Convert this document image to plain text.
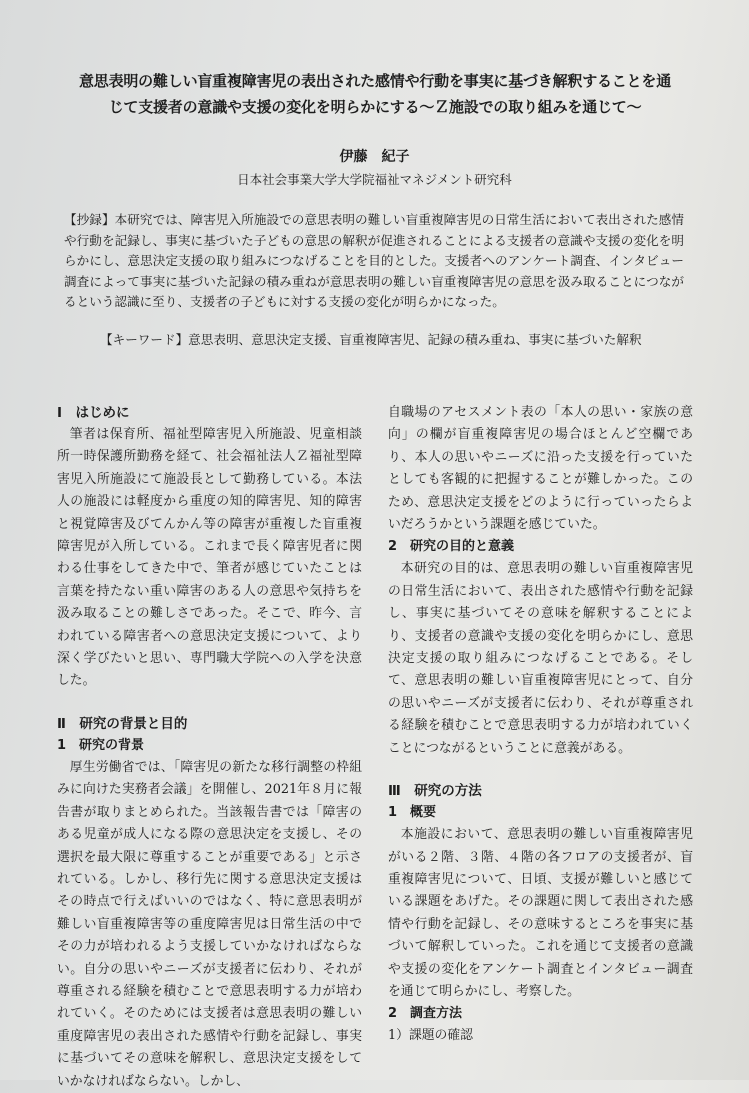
意思表明の難しい盲重複障害児の表出された感情や行動を事実に基づき解釈することを通
じて支援者の意識や支援の変化を明らかにする～Ｚ施設での取り組みを通じて～
伊藤　紀子
日本社会事業大学大学院福祉マネジメント研究科
【抄録】本研究では、障害児入所施設での意思表明の難しい盲重複障害児の日常生活において表出された感情や行動を記録し、事実に基づいた子どもの意思の解釈が促進されることによる支援者の意識や支援の変化を明らかにし、意思決定支援の取り組みにつなげることを目的とした。支援者へのアンケート調査、インタビュー調査によって事実に基づいた記録の積み重ねが意思表明の難しい盲重複障害児の意思を汲み取ることにつながるという認識に至り、支援者の子どもに対する支援の変化が明らかになった。
【キーワード】意思表明、意思決定支援、盲重複障害児、記録の積み重ね、事実に基づいた解釈
Ⅰ　はじめに

筆者は保育所、福祉型障害児入所施設、児童相談所一時保護所勤務を経て、社会福祉法人Ｚ福祉型障害児入所施設にて施設長として勤務している。本法人の施設には軽度から重度の知的障害児、知的障害と視覚障害及びてんかん等の障害が重複した盲重複障害児が入所している。これまで長く障害児者に関わる仕事をしてきた中で、筆者が感じていたことは言葉を持たない重い障害のある人の意思や気持ちを汲み取ることの難しさであった。そこで、昨今、言われている障害者への意思決定支援について、より深く学びたいと思い、専門職大学院への入学を決意した。

Ⅱ　研究の背景と目的
1　研究の背景

厚生労働省では、「障害児の新たな移行調整の枠組みに向けた実務者会議」を開催し、2021年８月に報告書が取りまとめられた。当該報告書では「障害のある児童が成人になる際の意思決定を支援し、その選択を最大限に尊重することが重要である」と示されている。しかし、移行先に関する意思決定支援はその時点で行えばいいのではなく、特に意思表明が難しい盲重複障害等の重度障害児は日常生活の中でその力が培われるよう支援していかなければならない。自分の思いやニーズが支援者に伝わり、それが尊重される経験を積むことで意思表明する力が培われていく。そのためには支援者は意思表明の難しい重度障害児の表出された感情や行動を記録し、事実に基づいてその意味を解釈し、意思決定支援をしていかなければならない。しかし、

自職場のアセスメント表の「本人の思い・家族の意向」の欄が盲重複障害児の場合ほとんど空欄であり、本人の思いやニーズに沿った支援を行っていたとしても客観的に把握することが難しかった。このため、意思決定支援をどのように行っていったらよいだろうかという課題を感じていた。

2　研究の目的と意義

本研究の目的は、意思表明の難しい盲重複障害児の日常生活において、表出された感情や行動を記録し、事実に基づいてその意味を解釈することにより、支援者の意識や支援の変化を明らかにし、意思決定支援の取り組みにつなげることである。そして、意思表明の難しい盲重複障害児にとって、自分の思いやニーズが支援者に伝わり、それが尊重される経験を積むことで意思表明する力が培われていくことにつながるということに意義がある。

Ⅲ　研究の方法
1　概要

本施設において、意思表明の難しい盲重複障害児がいる２階、３階、４階の各フロアの支援者が、盲重複障害児について、日頃、支援が難しいと感じている課題をあげた。その課題に関して表出された感情や行動を記録し、その意味するところを事実に基づいて解釈していった。これを通じて支援者の意識や支援の変化をアンケート調査とインタビュー調査を通じて明らかにし、考察した。

2　調査方法

1）課題の確認
